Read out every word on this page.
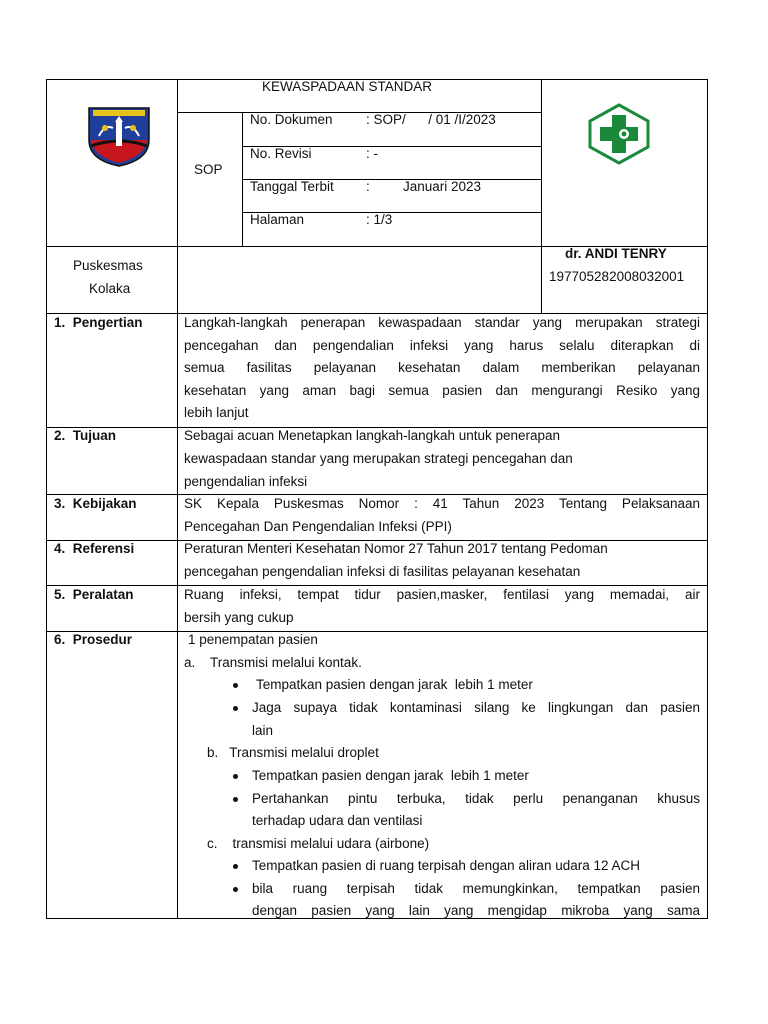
KEWASPADAAN STANDAR
SOP
No. Dokumen : SOP/      / 01 /I/2023
No. Revisi	: -
Tanggal Terbit : Januari 2023
Halaman	: 1/3
Puskesmas
Kolaka
dr. ANDI TENRY
197705282008032001
1.  Pengertian
2.  Tujuan
3.  Kebijakan
4.  Referensi
5.  Peralatan
6.  Prosedur
Langkah-langkah penerapan kewaspadaan standar yang merupakan strategi
pencegahan dan pengendalian infeksi yang harus selalu diterapkan di
semua fasilitas pelayanan kesehatan dalam memberikan pelayanan
kesehatan yang aman bagi semua pasien dan mengurangi Resiko yang
lebih lanjut
Sebagai acuan Menetapkan langkah-langkah untuk penerapan
kewaspadaan standar yang merupakan strategi pencegahan dan
pengendalian infeksi
SK Kepala Puskesmas Nomor : 41 Tahun 2023 Tentang Pelaksanaan
Pencegahan Dan Pengendalian Infeksi (PPI)
Peraturan Menteri Kesehatan Nomor 27 Tahun 2017 tentang Pedoman
pencegahan pengendalian infeksi di fasilitas pelayanan kesehatan
Ruang infeksi, tempat tidur pasien,masker, fentilasi yang memadai, air
bersih yang cukup
1 penempatan pasien
a.    Transmisi melalui kontak.
Tempatkan pasien dengan jarak  lebih 1 meter
Jaga supaya tidak kontaminasi silang ke lingkungan dan pasien
lain
b.   Transmisi melalui droplet
Tempatkan pasien dengan jarak  lebih 1 meter
Pertahankan pintu terbuka, tidak perlu penanganan khusus
terhadap udara dan ventilasi
c.    transmisi melalui udara (airbone)
Tempatkan pasien di ruang terpisah dengan aliran udara 12 ACH
bila ruang terpisah tidak memungkinkan, tempatkan pasien
dengan pasien yang lain yang mengidap mikroba yang sama
